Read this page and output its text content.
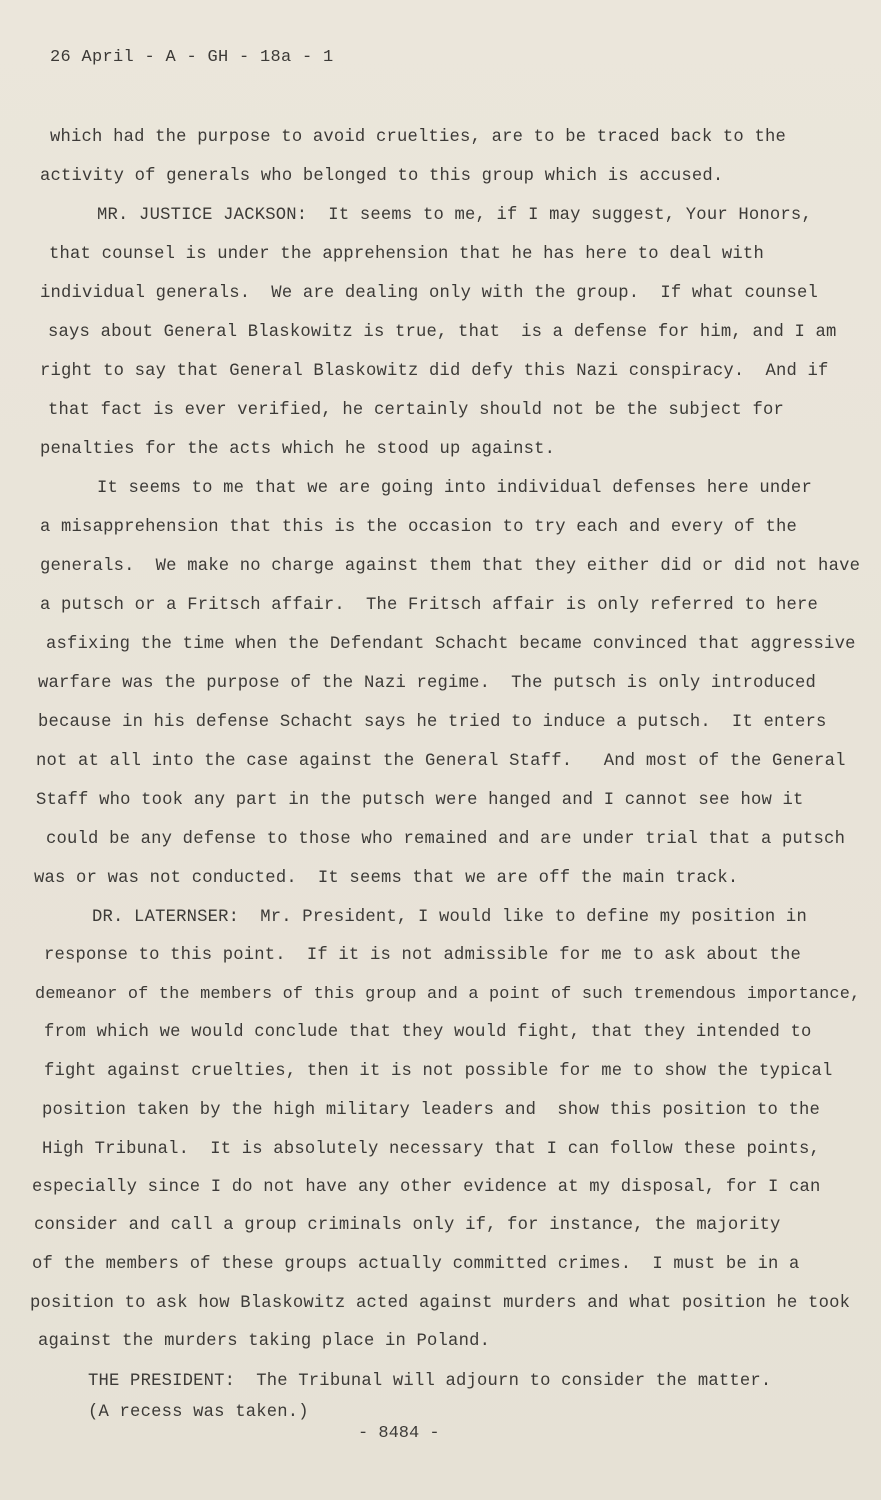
26 April - A - GH - 18a - 1
which had the purpose to avoid cruelties, are to be traced back to the
activity of generals who belonged to this group which is accused.
MR. JUSTICE JACKSON:  It seems to me, if I may suggest, Your Honors,
that counsel is under the apprehension that he has here to deal with
individual generals.  We are dealing only with the group.  If what counsel
says about General Blaskowitz is true, that  is a defense for him, and I am
right to say that General Blaskowitz did defy this Nazi conspiracy.  And if
that fact is ever verified, he certainly should not be the subject for
penalties for the acts which he stood up against.
It seems to me that we are going into individual defenses here under
a misapprehension that this is the occasion to try each and every of the
generals.  We make no charge against them that they either did or did not have
a putsch or a Fritsch affair.  The Fritsch affair is only referred to here
asfixing the time when the Defendant Schacht became convinced that aggressive
warfare was the purpose of the Nazi regime.  The putsch is only introduced
because in his defense Schacht says he tried to induce a putsch.  It enters
not at all into the case against the General Staff.   And most of the General
Staff who took any part in the putsch were hanged and I cannot see how it
could be any defense to those who remained and are under trial that a putsch
was or was not conducted.  It seems that we are off the main track.
DR. LATERNSER:  Mr. President, I would like to define my position in
response to this point.  If it is not admissible for me to ask about the
demeanor of the members of this group and a point of such tremendous importance,
from which we would conclude that they would fight, that they intended to
fight against cruelties, then it is not possible for me to show the typical
position taken by the high military leaders and  show this position to the
High Tribunal.  It is absolutely necessary that I can follow these points,
especially since I do not have any other evidence at my disposal, for I can
consider and call a group criminals only if, for instance, the majority
of the members of these groups actually committed crimes.  I must be in a
position to ask how Blaskowitz acted against murders and what position he took
against the murders taking place in Poland.
THE PRESIDENT:  The Tribunal will adjourn to consider the matter.
(A recess was taken.)
- 8484 -
